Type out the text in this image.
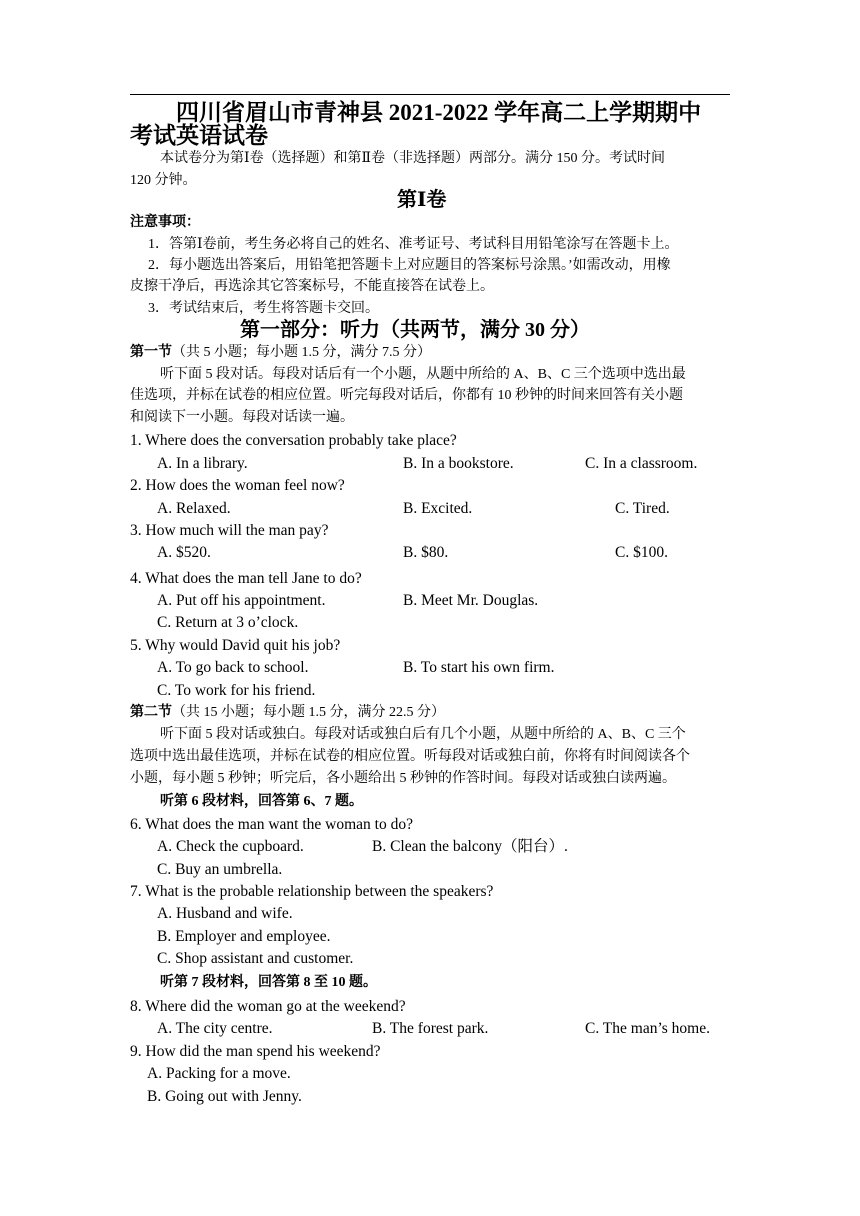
四川省眉山市青神县 2021-2022 学年高二上学期期中
考试英语试卷
本试卷分为第Ⅰ卷（选择题）和第Ⅱ卷（非选择题）两部分。满分 150 分。考试时间
120 分钟。
第Ⅰ卷
注意事项：
1．答第Ⅰ卷前，考生务必将自己的姓名、准考证号、考试科目用铅笔涂写在答题卡上。
2．每小题选出答案后，用铅笔把答题卡上对应题目的答案标号涂黑。’如需改动，用橡
皮擦干净后，再选涂其它答案标号，不能直接答在试卷上。
3．考试结束后，考生将答题卡交回。
第一部分：听力（共两节，满分 30 分）
第一节（共 5 小题；每小题 1.5 分，满分 7.5 分）
听下面 5 段对话。每段对话后有一个小题，从题中所给的 A、B、C 三个选项中选出最
佳选项，并标在试卷的相应位置。听完每段对话后，你都有 10 秒钟的时间来回答有关小题
和阅读下一小题。每段对话读一遍。
1. Where does the conversation probably take place?
A. In a library.	B. In a bookstore.	C. In a classroom.
2. How does the woman feel now?
A. Relaxed.	B. Excited.	C. Tired.
3. How much will the man pay?
A. $520.	B. $80.	C. $100.
4. What does the man tell Jane to do?
A. Put off his appointment.	B. Meet Mr. Douglas.
C. Return at 3 o’clock.
5. Why would David quit his job?
A. To go back to school.	B. To start his own firm.
C. To work for his friend.
第二节（共 15 小题；每小题 1.5 分，满分 22.5 分）
听下面 5 段对话或独白。每段对话或独白后有几个小题，从题中所给的 A、B、C 三个
选项中选出最佳选项，并标在试卷的相应位置。听每段对话或独白前，你将有时间阅读各个
小题，每小题 5 秒钟；听完后，各小题给出 5 秒钟的作答时间。每段对话或独白读两遍。
听第 6 段材料，回答第 6、7 题。
6. What does the man want the woman to do?
A. Check the cupboard.	B. Clean the balcony（阳台）.
C. Buy an umbrella.
7. What is the probable relationship between the speakers?
A. Husband and wife.
B. Employer and employee.
C. Shop assistant and customer.
听第 7 段材料，回答第 8 至 10 题。
8. Where did the woman go at the weekend?
A. The city centre.	B. The forest park.	C. The man’s home.
9. How did the man spend his weekend?
A. Packing for a move.
B. Going out with Jenny.
